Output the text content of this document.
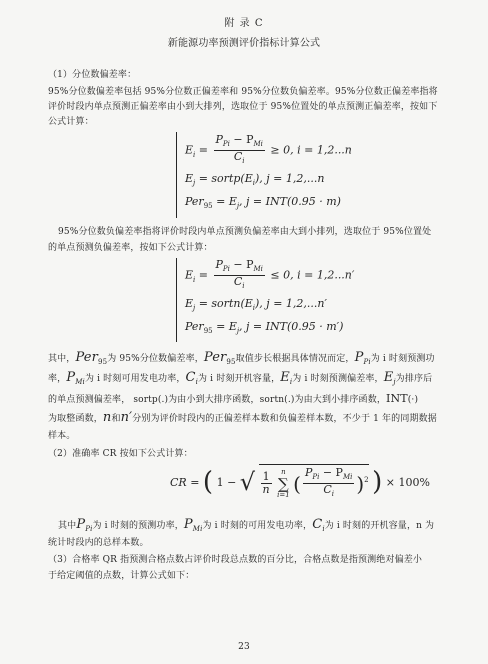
附 录 C
新能源功率预测评价指标计算公式
（1）分位数偏差率：
95%分位数偏差率包括 95%分位数正偏差率和 95%分位数负偏差率。95%分位数正偏差率指将
评价时段内单点预测正偏差率由小到大排列，选取位于 95%位置处的单点预测正偏差率，按如下
公式计算：
$E_i = \frac{P_{Pi} - P_{Mi}}{C_i} \ge 0$, i = 1,2...n
$E_j$ = $sortp(E_i)$, j = 1,2,...n
$Per_{95} = E_j$, j = INT(0.95 · m)
95%分位数负偏差率指将评价时段内单点预测负偏差率由大到小排列，选取位于 95%位置处
的单点预测负偏差率，按如下公式计算：
$E_i = \frac{P_{Pi} - P_{Mi}}{C_i} \le 0$, i = 1,2...n′
$E_j$ = $sortn(E_i)$, j = 1,2,...n′
$Per_{95} = E_j$, j = INT(0.95 · m′)
其中，Per$_{95}$为 95%分位数偏差率，Per$_{95}$取值步长根据具体情况而定，$P_{Pi}$为 i 时刻预测功
率，$P_{Mi}$为 i 时刻可用发电功率，$C_i$为 i 时刻开机容量，$E_i$为 i 时刻预测偏差率，$E_j$为排序后
的单点预测偏差率， sortp(.)为由小到大排序函数，sortn(.)为由大到小排序函数，INT(·)
为取整函数，n和n′分别为评价时段内的正偏差样本数和负偏差样本数，不少于 1 年的同期数据
样本。
（2）准确率 CR 按如下公式计算：
CR = ( 1 − √ $\frac{1}{n}$
	n
∑
i=1 ( $\frac{P_{Pi} - P_{Mi}}{C_i} )^2$ ) × 100%
其中$P_{Pi}$为 i 时刻的预测功率，$P_{Mi}$为 i 时刻的可用发电功率，$C_i$为 i 时刻的开机容量，n 为
统计时段内的总样本数。
（3）合格率 QR 指预测合格点数占评价时段总点数的百分比，合格点数是指预测绝对偏差小
于给定阈值的点数，计算公式如下：
23
